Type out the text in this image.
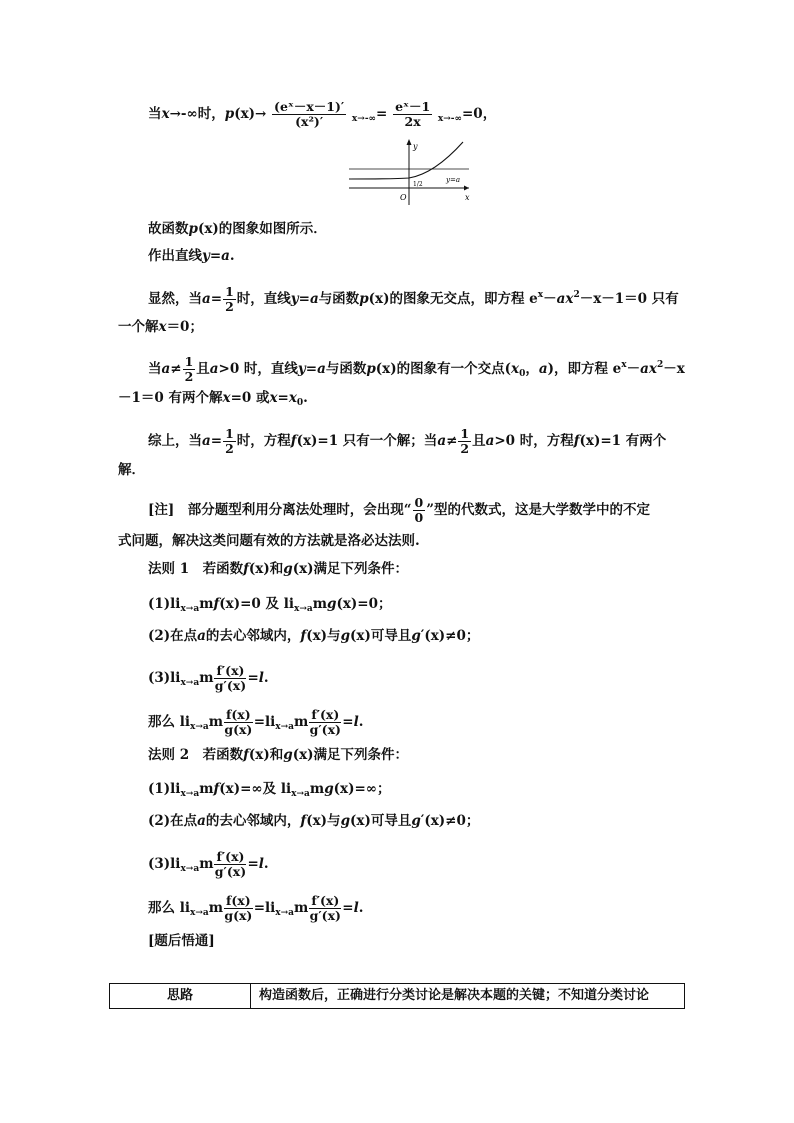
当x→-∞时，$p(x)\to \frac{\text{(eˣ－x－1)′}}{\text{(x²)′}} _{x\to-\infty}= \frac{\text{eˣ－1}}{2x} _{x\to-\infty}=0$，
y
x
O
1/2
y=a
故函数p(x)的图象如图所示．
作出直线y=a.
显然，当$a= \frac{1}{2}$ 时，直线y=a与函数p(x)的图象无交点，即方程 $e^x-ax^2-x-1=0$ 只有
一个解x＝0；
当$a\ne \frac{1}{2}$ 且a>0 时，直线y=a与函数p(x)的图象有一个交点($x_0$，a)，即方程 $e^x-ax^2-x$
－1＝0 有两个解x=0 或$x=x_0$.
综上，当$a= \frac{1}{2}$ 时，方程f(x)=1 只有一个解；当$a\ne \frac{1}{2}$ 且a>0 时，方程f(x)=1 有两个
解．
[注]　部分题型利用分离法处理时，会出现“ $\frac{0}{0}$ ”型的代数式，这是大学数学中的不定
式问题，解决这类问题有效的方法就是洛必达法则.
法则 1　若函数f(x)和g(x)满足下列条件：
$(1)li_{x\to a}mf(x)=0$ 及 $li_{x\to a}mg(x)=0$；
(2)在点a的去心邻域内，f(x)与g(x)可导且g′(x)≠0；
$(3)li_{x\to a}m \frac{f'(x)}{g'(x)} =l$.
那么 $li_{x\to a}m \frac{f(x)}{g(x)} =li_{x\to a}m \frac{f'(x)}{g'(x)} =l$.
法则 2　若函数f(x)和g(x)满足下列条件：
$(1)li_{x\to a}mf(x)=\infty$及 $li_{x\to a}mg(x)=\infty$；
(2)在点a的去心邻域内，f(x)与g(x)可导且g′(x)≠0；
$(3)li_{x\to a}m \frac{f'(x)}{g'(x)} =l$.
那么 $li_{x\to a}m \frac{f(x)}{g(x)} =li_{x\to a}m \frac{f'(x)}{g'(x)} =l$.
[题后悟通]
思路	构造函数后，正确进行分类讨论是解决本题的关键；不知道分类讨论
